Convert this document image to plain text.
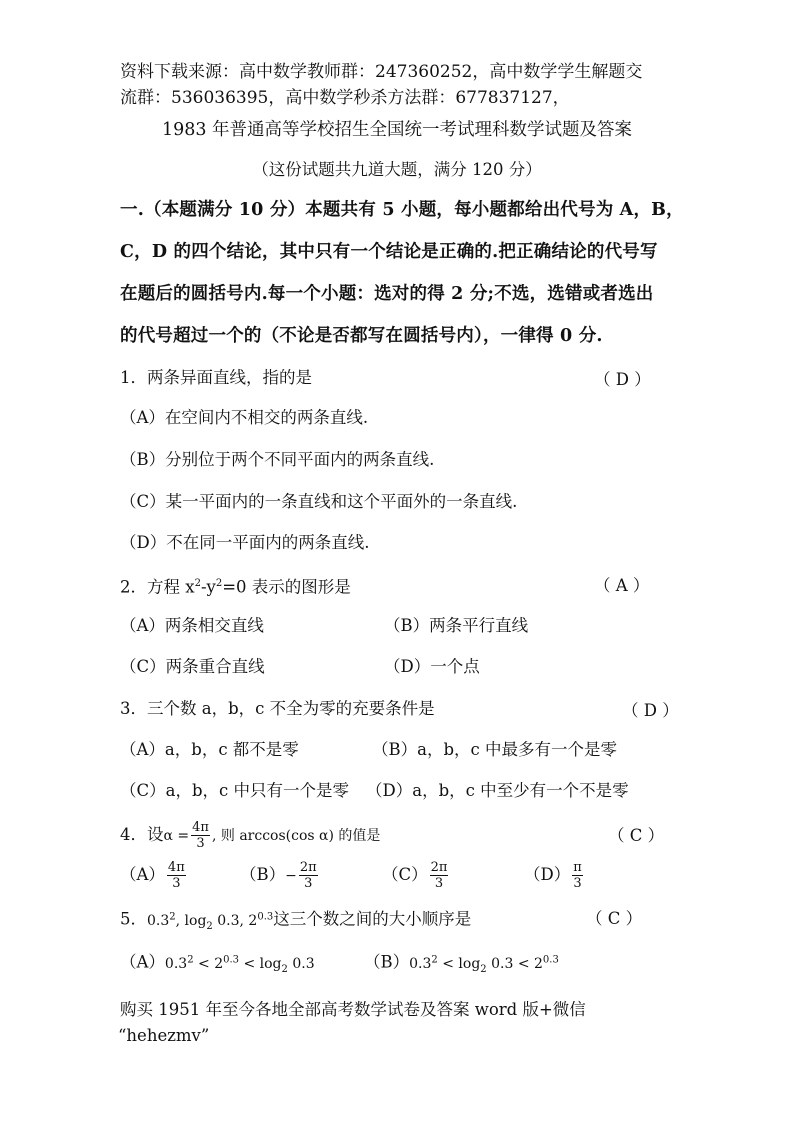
资料下载来源：高中数学教师群：247360252，高中数学学生解题交
流群：536036395，高中数学秒杀方法群：677837127，
1983 年普通高等学校招生全国统一考试理科数学试题及答案
（这份试题共九道大题，满分 120 分）
一.（本题满分 10 分）本题共有 5 小题，每小题都给出代号为 A，B，
C，D 的四个结论，其中只有一个结论是正确的.把正确结论的代号写
在题后的圆括号内.每一个小题：选对的得 2 分;不选，选错或者选出
的代号超过一个的（不论是否都写在圆括号内），一律得 0 分.
1．两条异面直线，指的是	（ D ）
（A）在空间内不相交的两条直线.
（B）分别位于两个不同平面内的两条直线.
（C）某一平面内的一条直线和这个平面外的一条直线.
（D）不在同一平面内的两条直线.
2．方程 $x^2-y^2=0$ 表示的图形是	（ A ）
（A）两条相交直线	（B）两条平行直线
（C）两条重合直线	（D）一个点
3．三个数 a，b，c 不全为零的充要条件是	（ D ）
（A）a，b，c 都不是零	（B）a，b，c 中最多有一个是零
（C）a，b，c 中只有一个是零 （D）a，b，c 中至少有一个不是零
4．设$\alpha = \frac{4\pi}{3}$ , 则 arccos(cos α) 的值是	（ C ）
$(A) \frac{4\pi}{3}$	$(B)- \frac{2\pi}{3}$	$(C) \frac{2\pi}{3}$	$(D) \frac{\pi}{3}$
5．$0.3^2$, $\log_2 0.3$, $2^{0.3}$这三个数之间的大小顺序是	（ C ）
$(A)0.3^2 < 2^{0.3} < \log_2 0.3$	$(B)0.3^2 < \log_2 0.3 < 2^{0.3}$
购买 1951 年至今各地全部高考数学试卷及答案 word 版+微信
“hehezmv”
